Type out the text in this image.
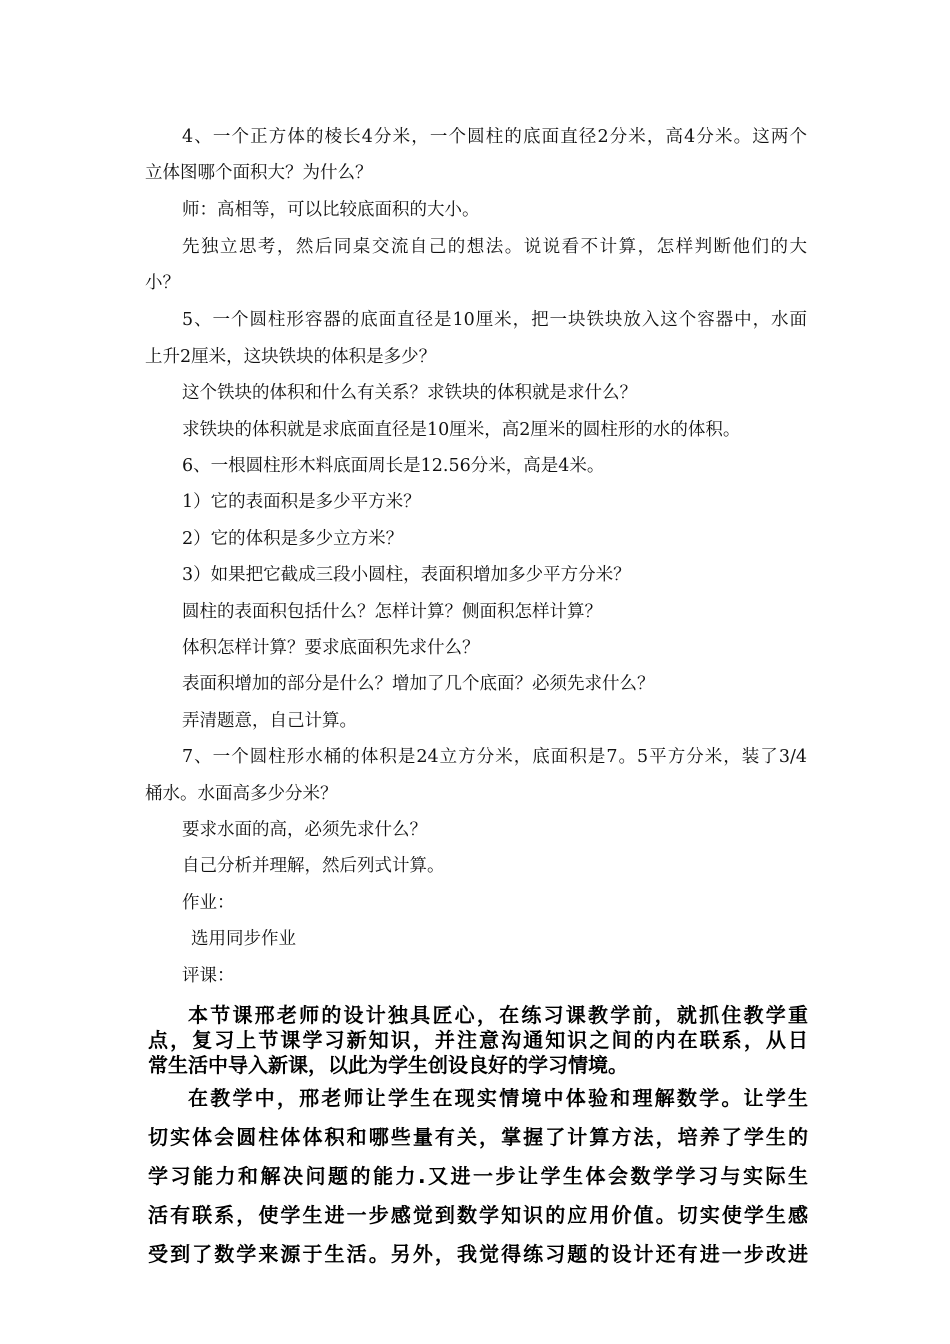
4、一个正方体的棱长4分米，一个圆柱的底面直径2分米，高4分米。这两个
立体图哪个面积大？为什么？
师：高相等，可以比较底面积的大小。
先独立思考，然后同桌交流自己的想法。说说看不计算，怎样判断他们的大
小？
5、一个圆柱形容器的底面直径是10厘米，把一块铁块放入这个容器中，水面
上升2厘米，这块铁块的体积是多少？
这个铁块的体积和什么有关系？求铁块的体积就是求什么？
求铁块的体积就是求底面直径是10厘米，高2厘米的圆柱形的水的体积。
6、一根圆柱形木料底面周长是12.56分米，高是4米。
1）它的表面积是多少平方米？
2）它的体积是多少立方米？
3）如果把它截成三段小圆柱，表面积增加多少平方分米？
圆柱的表面积包括什么？怎样计算？侧面积怎样计算？
体积怎样计算？要求底面积先求什么？
表面积增加的部分是什么？增加了几个底面？必须先求什么？
弄清题意，自己计算。
7、一个圆柱形水桶的体积是24立方分米，底面积是7。5平方分米，装了3/4
桶水。水面高多少分米？
要求水面的高，必须先求什么？
自己分析并理解，然后列式计算。
作业：
选用同步作业
评课：
本节课邢老师的设计独具匠心，在练习课教学前，就抓住教学重
点，复习上节课学习新知识，并注意沟通知识之间的内在联系，从日
常生活中导入新课，以此为学生创设良好的学习情境。
在教学中，邢老师让学生在现实情境中体验和理解数学。让学生
切实体会圆柱体体积和哪些量有关，掌握了计算方法，培养了学生的
学习能力和解决问题的能力.又进一步让学生体会数学学习与实际生
活有联系，使学生进一步感觉到数学知识的应用价值。切实使学生感
受到了数学来源于生活。另外，我觉得练习题的设计还有进一步改进
